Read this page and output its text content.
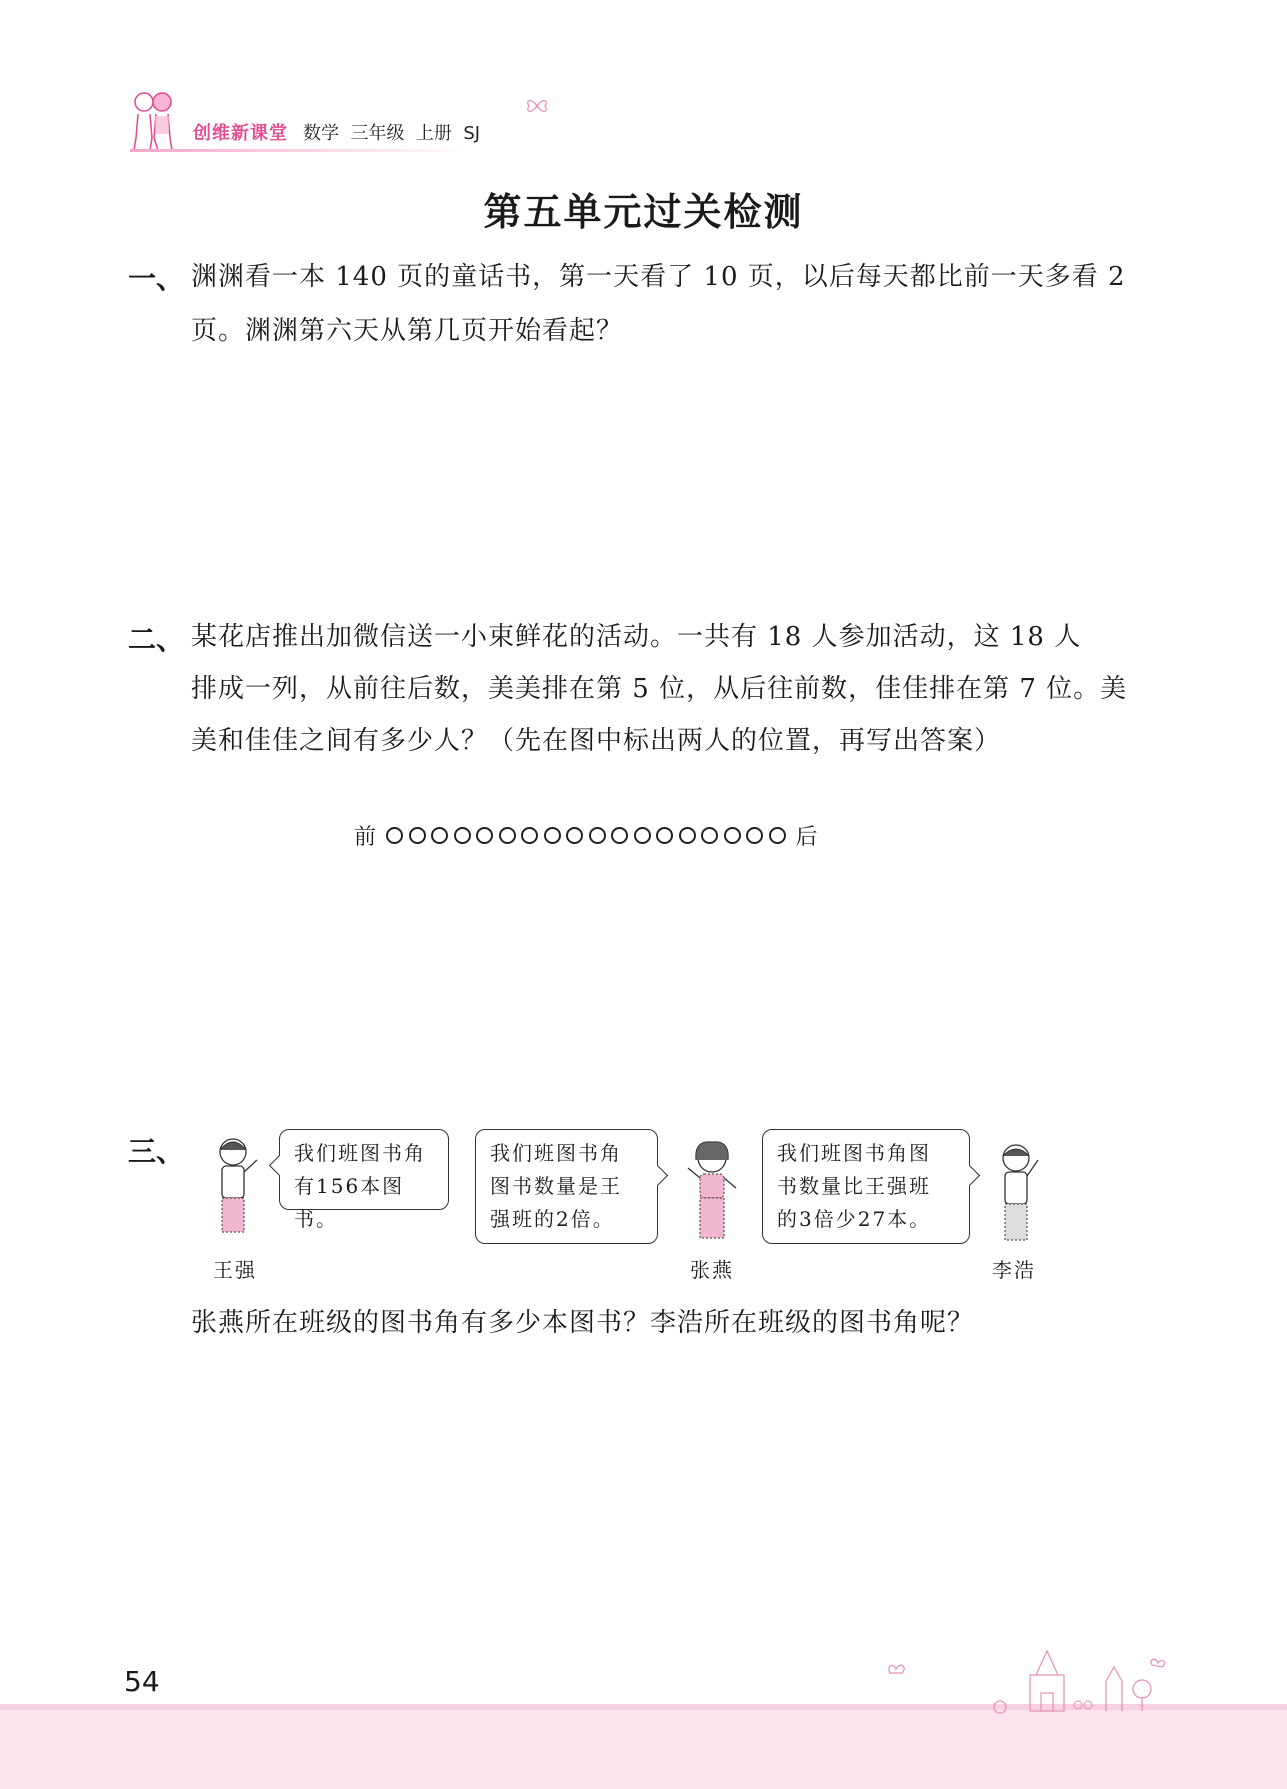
创维新课堂 数学  三年级  上册  SJ
第五单元过关检测
一、 渊渊看一本 140 页的童话书，第一天看了 10 页，以后每天都比前一天多看 2
页。渊渊第六天从第几页开始看起？
二、 某花店推出加微信送一小束鲜花的活动。一共有 18 人参加活动，这 18 人
排成一列，从前往后数，美美排在第 5 位，从后往前数，佳佳排在第 7 位。美
美和佳佳之间有多少人？（先在图中标出两人的位置，再写出答案）
前	后
三、	我们班图书角
有156本图书。
王强
我们班图书角
图书数量是王
强班的2倍。
张燕
我们班图书角图
书数量比王强班
的3倍少27本。
李浩
张燕所在班级的图书角有多少本图书？李浩所在班级的图书角呢？
54
